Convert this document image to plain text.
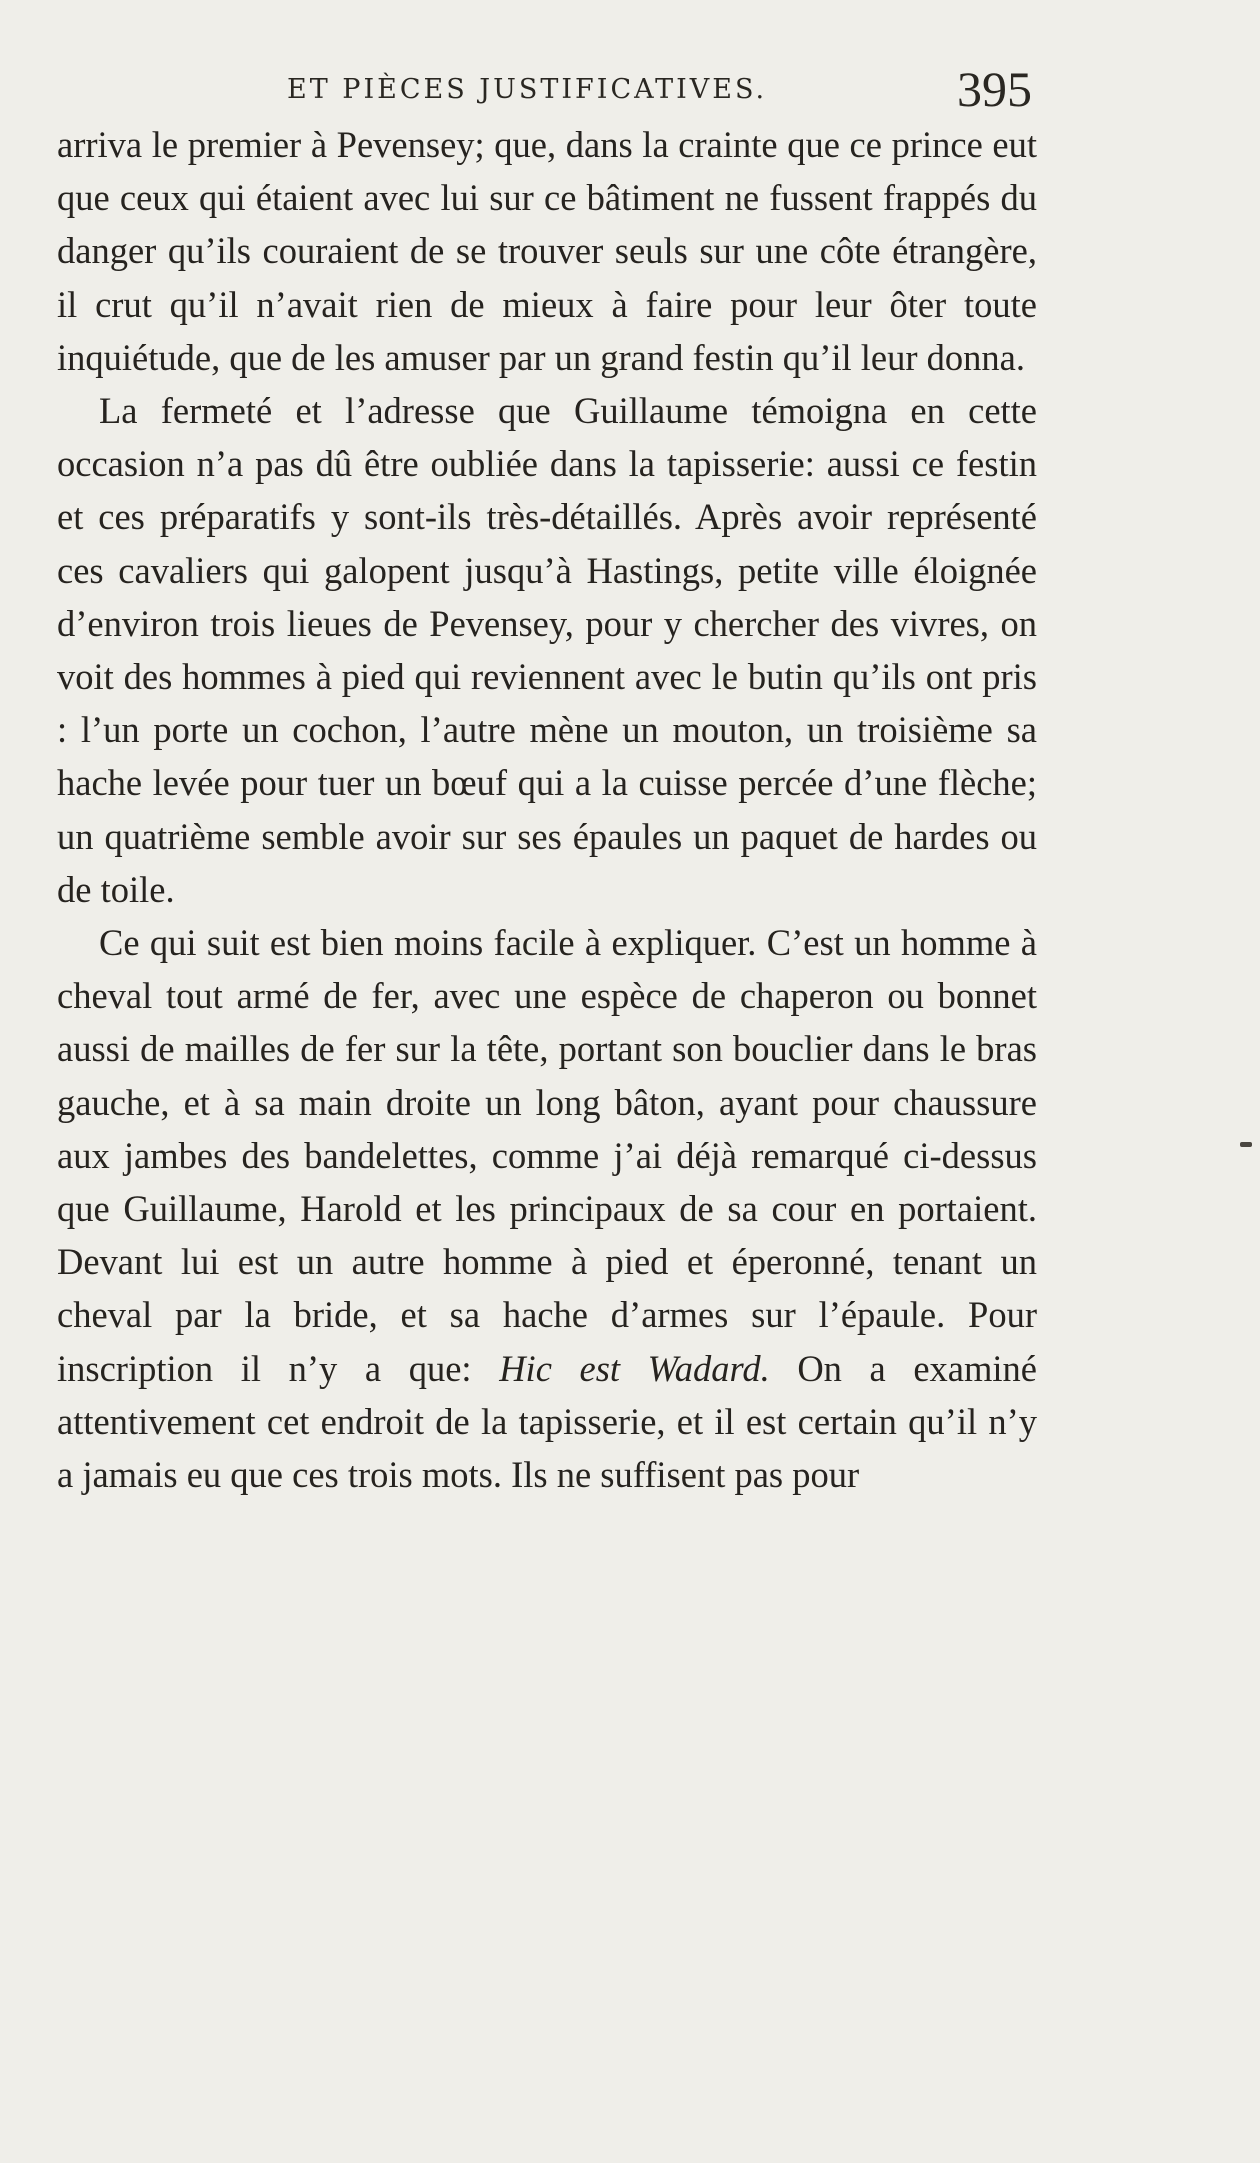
ET PIÈCES JUSTIFICATIVES.	395

arriva le premier à Pevensey; que, dans la crainte que ce prince eut que ceux qui étaient avec lui sur ce bâtiment ne fussent frappés du danger qu’ils couraient de se trouver seuls sur une côte étrangère, il crut qu’il n’avait rien de mieux à faire pour leur ôter toute inquiétude, que de les amuser par un grand festin qu’il leur donna.

La fermeté et l’adresse que Guillaume témoigna en cette occasion n’a pas dû être oubliée dans la tapisserie: aussi ce festin et ces préparatifs y sont-ils très-détaillés. Après avoir représenté ces cavaliers qui galopent jusqu’à Hastings, petite ville éloignée d’environ trois lieues de Pevensey, pour y chercher des vivres, on voit des hommes à pied qui reviennent avec le butin qu’ils ont pris : l’un porte un cochon, l’autre mène un mouton, un troisième sa hache levée pour tuer un bœuf qui a la cuisse percée d’une flèche; un quatrième semble avoir sur ses épaules un paquet de hardes ou de toile.

Ce qui suit est bien moins facile à expliquer. C’est un homme à cheval tout armé de fer, avec une espèce de chaperon ou bonnet aussi de mailles de fer sur la tête, portant son bouclier dans le bras gauche, et à sa main droite un long bâton, ayant pour chaussure aux jambes des bandelettes, comme j’ai déjà remarqué ci-dessus que Guillaume, Harold et les principaux de sa cour en portaient. Devant lui est un autre homme à pied et éperonné, tenant un cheval par la bride, et sa hache d’armes sur l’épaule. Pour inscription il n’y a que: Hic est Wadard. On a examiné attentivement cet endroit de la tapisserie, et il est certain qu’il n’y a jamais eu que ces trois mots. Ils ne suffisent pas pour
